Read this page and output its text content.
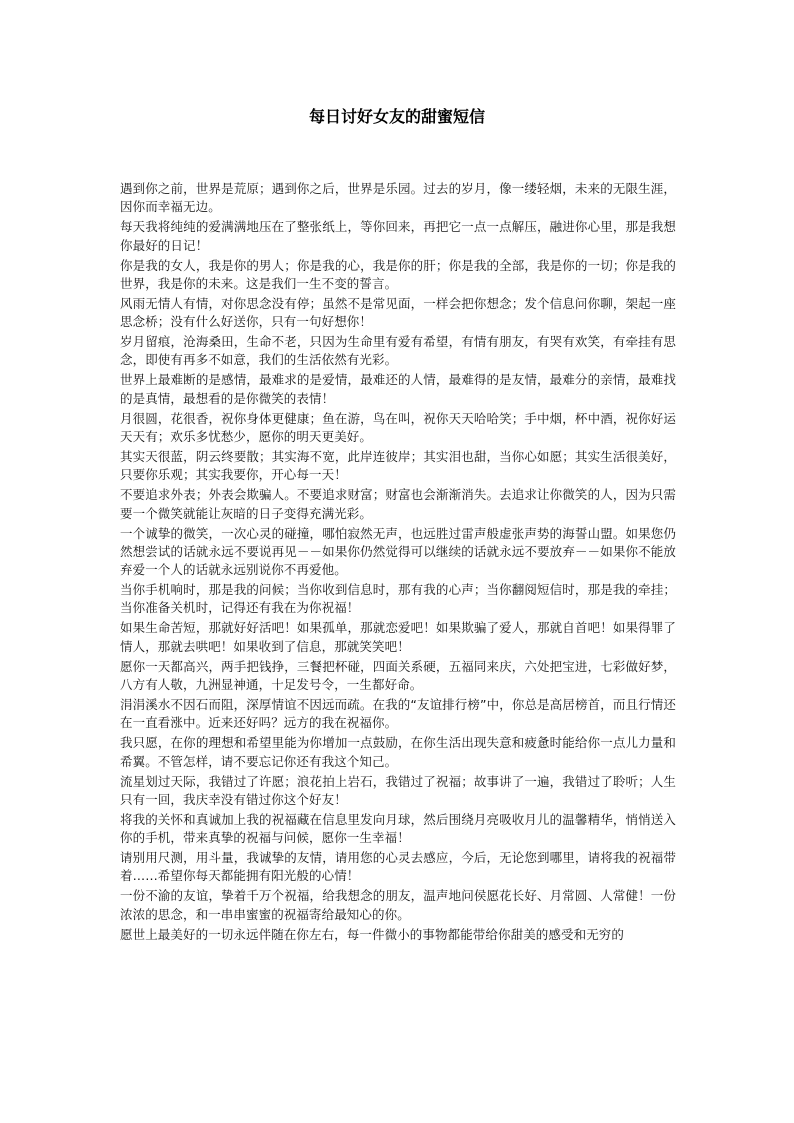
每日讨好女友的甜蜜短信

遇到你之前，世界是荒原；遇到你之后，世界是乐园。过去的岁月，像一缕轻烟，未来的无限生涯，因你而幸福无边。

每天我将纯纯的爱满满地压在了整张纸上，等你回来，再把它一点一点解压，融进你心里，那是我想你最好的日记！

你是我的女人，我是你的男人；你是我的心，我是你的肝；你是我的全部，我是你的一切；你是我的世界，我是你的未来。这是我们一生不变的誓言。

风雨无情人有情，对你思念没有停；虽然不是常见面，一样会把你想念；发个信息问你聊，架起一座思念桥；没有什么好送你，只有一句好想你！

岁月留痕，沧海桑田，生命不老，只因为生命里有爱有希望，有情有朋友，有哭有欢笑，有牵挂有思念，即使有再多不如意，我们的生活依然有光彩。

世界上最难断的是感情，最难求的是爱情，最难还的人情，最难得的是友情，最难分的亲情，最难找的是真情，最想看的是你微笑的表情！

月很圆，花很香，祝你身体更健康；鱼在游，鸟在叫，祝你天天哈哈笑；手中烟，杯中酒，祝你好运天天有；欢乐多忧愁少，愿你的明天更美好。

其实天很蓝，阴云终要散；其实海不宽，此岸连彼岸；其实泪也甜，当你心如愿；其实生活很美好，只要你乐观；其实我要你，开心每一天！

不要追求外表；外表会欺骗人。不要追求财富；财富也会渐渐消失。去追求让你微笑的人，因为只需要一个微笑就能让灰暗的日子变得充满光彩。

一个诚挚的微笑，一次心灵的碰撞，哪怕寂然无声，也远胜过雷声般虚张声势的海誓山盟。如果您仍然想尝试的话就永远不要说再见－－如果你仍然觉得可以继续的话就永远不要放弃－－如果你不能放弃爱一个人的话就永远别说你不再爱他。

当你手机响时，那是我的问候；当你收到信息时，那有我的心声；当你翻阅短信时，那是我的牵挂；当你准备关机时，记得还有我在为你祝福！

如果生命苦短，那就好好活吧！如果孤单，那就恋爱吧！如果欺骗了爱人，那就自首吧！如果得罪了情人，那就去哄吧！如果收到了信息，那就笑笑吧！

愿你一天都高兴，两手把钱挣，三餐把杯碰，四面关系硬，五福同来庆，六处把宝进，七彩做好梦，八方有人敬，九洲显神通，十足发号令，一生都好命。

涓涓溪水不因石而阻，深厚情谊不因远而疏。在我的“友谊排行榜”中，你总是高居榜首，而且行情还在一直看涨中。近来还好吗？远方的我在祝福你。

我只愿，在你的理想和希望里能为你增加一点鼓励，在你生活出现失意和疲惫时能给你一点儿力量和希翼。不管怎样，请不要忘记你还有我这个知己。

流星划过天际，我错过了许愿；浪花拍上岩石，我错过了祝福；故事讲了一遍，我错过了聆听；人生只有一回，我庆幸没有错过你这个好友！

将我的关怀和真诚加上我的祝福藏在信息里发向月球，然后围绕月亮吸收月儿的温馨精华，悄悄送入你的手机，带来真挚的祝福与问候，愿你一生幸福！

请别用尺测，用斗量，我诚挚的友情，请用您的心灵去感应，今后，无论您到哪里，请将我的祝福带着……希望你每天都能拥有阳光般的心情！

一份不渝的友谊，挚着千万个祝福，给我想念的朋友，温声地问侯愿花长好、月常圆、人常健！一份浓浓的思念，和一串串蜜蜜的祝福寄给最知心的你。

愿世上最美好的一切永远伴随在你左右，每一件微小的事物都能带给你甜美的感受和无穷的
